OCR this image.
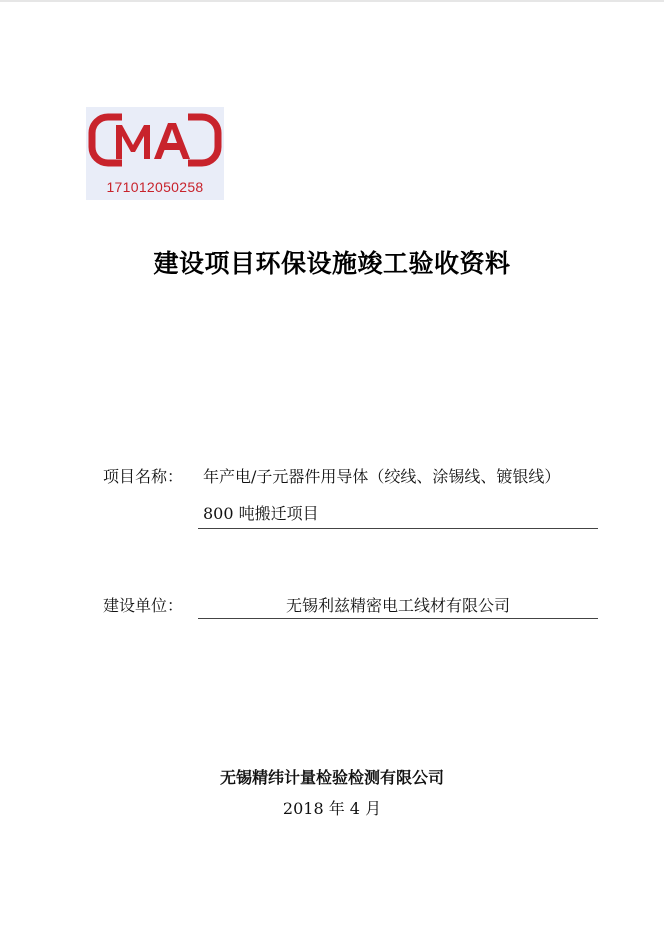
171012050258
建设项目环保设施竣工验收资料
项目名称： 年产电/子元器件用导体（绞线、涂锡线、镀银线）
800 吨搬迁项目
建设单位：	无锡利兹精密电工线材有限公司
无锡精纬计量检验检测有限公司
2018 年 4 月
